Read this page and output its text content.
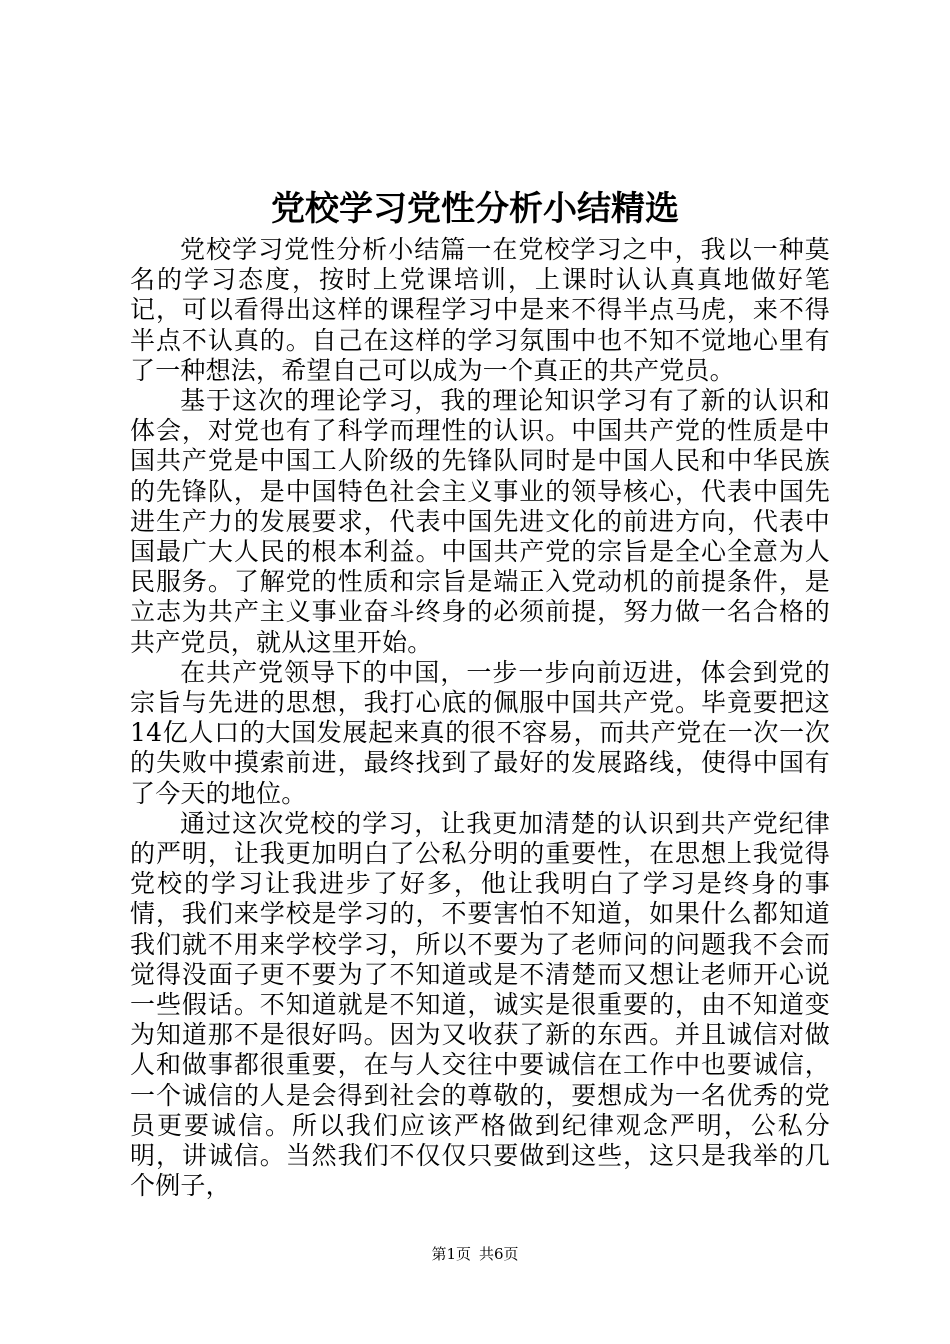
党校学习党性分析小结精选

党校学习党性分析小结篇一在党校学习之中，我以一种莫名的学习态度，按时上党课培训，上课时认认真真地做好笔记，可以看得出这样的课程学习中是来不得半点马虎，来不得半点不认真的。自己在这样的学习氛围中也不知不觉地心里有了一种想法，希望自己可以成为一个真正的共产党员。

基于这次的理论学习，我的理论知识学习有了新的认识和体会，对党也有了科学而理性的认识。中国共产党的性质是中国共产党是中国工人阶级的先锋队同时是中国人民和中华民族的先锋队，是中国特色社会主义事业的领导核心，代表中国先进生产力的发展要求，代表中国先进文化的前进方向，代表中国最广大人民的根本利益。中国共产党的宗旨是全心全意为人民服务。了解党的性质和宗旨是端正入党动机的前提条件，是立志为共产主义事业奋斗终身的必须前提，努力做一名合格的共产党员，就从这里开始。

在共产党领导下的中国，一步一步向前迈进，体会到党的宗旨与先进的思想，我打心底的佩服中国共产党。毕竟要把这14亿人口的大国发展起来真的很不容易，而共产党在一次一次的失败中摸索前进，最终找到了最好的发展路线，使得中国有了今天的地位。

通过这次党校的学习，让我更加清楚的认识到共产党纪律的严明，让我更加明白了公私分明的重要性，在思想上我觉得党校的学习让我进步了好多，他让我明白了学习是终身的事情，我们来学校是学习的，不要害怕不知道，如果什么都知道我们就不用来学校学习，所以不要为了老师问的问题我不会而觉得没面子更不要为了不知道或是不清楚而又想让老师开心说一些假话。不知道就是不知道，诚实是很重要的，由不知道变为知道那不是很好吗。因为又收获了新的东西。并且诚信对做人和做事都很重要，在与人交往中要诚信在工作中也要诚信，一个诚信的人是会得到社会的尊敬的，要想成为一名优秀的党员更要诚信。所以我们应该严格做到纪律观念严明，公私分明，讲诚信。当然我们不仅仅只要做到这些，这只是我举的几个例子，

第1页 共6页
